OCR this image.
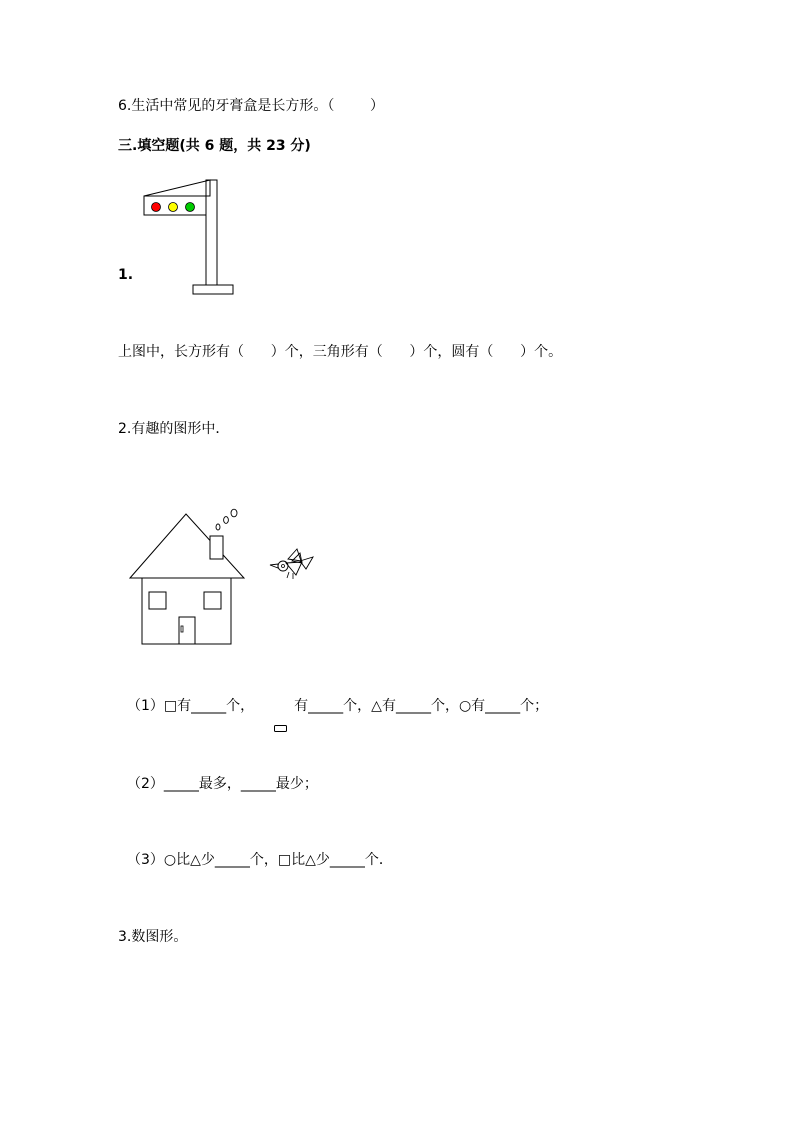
6.生活中常见的牙膏盒是长方形。（        ）
三.填空题(共 6 题，共 23 分)
1.
上图中，长方形有（      ）个，三角形有（      ）个，圆有（      ）个。
2.有趣的图形中．
（1）□有_____个，         有_____个，△有_____个，○有_____个；
（2）_____最多，_____最少；
（3）○比△少_____个，□比△少_____个．
3.数图形。
